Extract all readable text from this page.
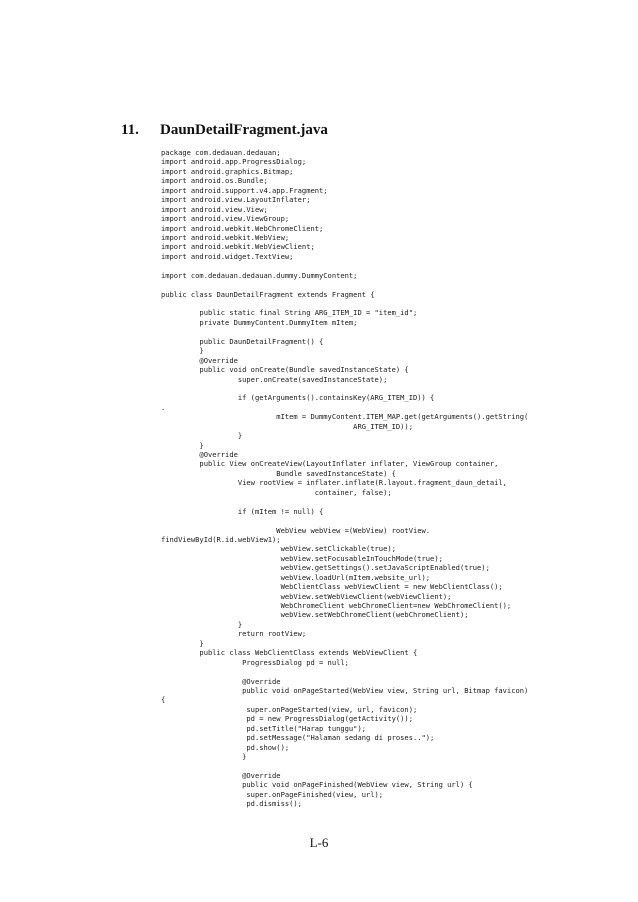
11. DaunDetailFragment.java
package com.dedauan.dedauan;
import android.app.ProgressDialog;
import android.graphics.Bitmap;
import android.os.Bundle;
import android.support.v4.app.Fragment;
import android.view.LayoutInflater;
import android.view.View;
import android.view.ViewGroup;
import android.webkit.WebChromeClient;
import android.webkit.WebView;
import android.webkit.WebViewClient;
import android.widget.TextView;

import com.dedauan.dedauan.dummy.DummyContent;

public class DaunDetailFragment extends Fragment {

public static final String ARG_ITEM_ID = "item_id";
private DummyContent.DummyItem mItem;

public DaunDetailFragment() {
}
@Override
public void onCreate(Bundle savedInstanceState) {
super.onCreate(savedInstanceState);

if (getArguments().containsKey(ARG_ITEM_ID)) {
.
mItem = DummyContent.ITEM_MAP.get(getArguments().getString(
ARG_ITEM_ID));
}
}
@Override
public View onCreateView(LayoutInflater inflater, ViewGroup container,
Bundle savedInstanceState) {
View rootView = inflater.inflate(R.layout.fragment_daun_detail,
container, false);

if (mItem != null) {

WebView webView =(WebView) rootView.
findViewById(R.id.webView1);
webView.setClickable(true);
webView.setFocusableInTouchMode(true);
webView.getSettings().setJavaScriptEnabled(true);
webView.loadUrl(mItem.website_url);
WebClientClass webViewClient = new WebClientClass();
webView.setWebViewClient(webViewClient);
WebChromeClient webChromeClient=new WebChromeClient();
webView.setWebChromeClient(webChromeClient);
}
return rootView;
}
public class WebClientClass extends WebViewClient {
ProgressDialog pd = null;

@Override
public void onPageStarted(WebView view, String url, Bitmap favicon)
{
super.onPageStarted(view, url, favicon);
pd = new ProgressDialog(getActivity());
pd.setTitle("Harap tunggu");
pd.setMessage("Halaman sedang di proses..");
pd.show();
}

@Override
public void onPageFinished(WebView view, String url) {
super.onPageFinished(view, url);
pd.dismiss();
L-6
